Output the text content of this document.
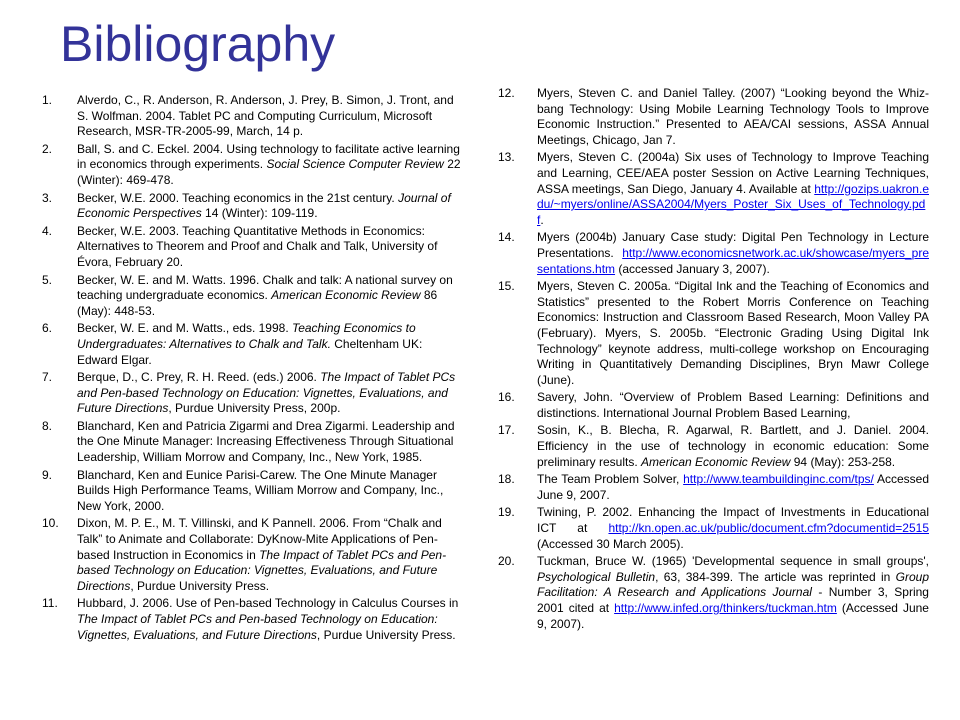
Bibliography
1. Alverdo, C., R. Anderson, R. Anderson, J. Prey, B. Simon, J. Tront, and S. Wolfman. 2004. Tablet PC and Computing Curriculum, Microsoft Research, MSR-TR-2005-99, March, 14 p.
2. Ball, S. and C. Eckel. 2004. Using technology to facilitate active learning in economics through experiments. Social Science Computer Review 22 (Winter): 469-478.
3. Becker, W.E. 2000. Teaching economics in the 21st century. Journal of Economic Perspectives 14 (Winter): 109-119.
4. Becker, W.E. 2003. Teaching Quantitative Methods in Economics: Alternatives to Theorem and Proof and Chalk and Talk, University of Évora, February 20.
5. Becker, W. E. and M. Watts. 1996. Chalk and talk: A national survey on teaching undergraduate economics. American Economic Review 86 (May): 448-53.
6. Becker, W. E. and M. Watts., eds. 1998. Teaching Economics to Undergraduates: Alternatives to Chalk and Talk. Cheltenham UK: Edward Elgar.
7. Berque, D., C. Prey, R. H. Reed. (eds.) 2006. The Impact of Tablet PCs and Pen-based Technology on Education: Vignettes, Evaluations, and Future Directions, Purdue University Press, 200p.
8. Blanchard, Ken and Patricia Zigarmi and Drea Zigarmi. Leadership and the One Minute Manager: Increasing Effectiveness Through Situational Leadership, William Morrow and Company, Inc., New York, 1985.
9. Blanchard, Ken and Eunice Parisi-Carew. The One Minute Manager Builds High Performance Teams, William Morrow and Company, Inc., New York, 2000.
10. Dixon, M. P. E., M. T. Villinski, and K Pannell. 2006. From “Chalk and Talk” to Animate and Collaborate: DyKnow-Mite Applications of Pen-based Instruction in Economics in The Impact of Tablet PCs and Pen-based Technology on Education: Vignettes, Evaluations, and Future Directions, Purdue University Press.
11. Hubbard, J. 2006. Use of Pen-based Technology in Calculus Courses in The Impact of Tablet PCs and Pen-based Technology on Education: Vignettes, Evaluations, and Future Directions, Purdue University Press.
12. Myers, Steven C. and Daniel Talley. (2007) “Looking beyond the Whiz-bang Technology: Using Mobile Learning Technology Tools to Improve Economic Instruction.” Presented to AEA/CAI sessions, ASSA Annual Meetings, Chicago, Jan 7.
13. Myers, Steven C. (2004a) Six uses of Technology to Improve Teaching and Learning, CEE/AEA poster Session on Active Learning Techniques, ASSA meetings, San Diego, January 4. Available at http://gozips.uakron.edu/~myers/online/ASSA2004/Myers_Poster_Six_Uses_of_Technology.pdf.
14. Myers (2004b) January Case study: Digital Pen Technology in Lecture Presentations. http://www.economicsnetwork.ac.uk/showcase/myers_presentations.htm (accessed January 3, 2007).
15. Myers, Steven C. 2005a. “Digital Ink and the Teaching of Economics and Statistics” presented to the Robert Morris Conference on Teaching Economics: Instruction and Classroom Based Research, Moon Valley PA (February). Myers, S. 2005b. “Electronic Grading Using Digital Ink Technology” keynote address, multi-college workshop on Encouraging Writing in Quantitatively Demanding Disciplines, Bryn Mawr College (June).
16. Savery, John. “Overview of Problem Based Learning: Definitions and distinctions. International Journal Problem Based Learning,
17. Sosin, K., B. Blecha, R. Agarwal, R. Bartlett, and J. Daniel. 2004. Efficiency in the use of technology in economic education: Some preliminary results. American Economic Review 94 (May): 253-258.
18. The Team Problem Solver, http://www.teambuildinginc.com/tps/ Accessed June 9, 2007.
19. Twining, P. 2002. Enhancing the Impact of Investments in Educational ICT at http://kn.open.ac.uk/public/document.cfm?documentid=2515 (Accessed 30 March 2005).
20. Tuckman, Bruce W. (1965) 'Developmental sequence in small groups', Psychological Bulletin, 63, 384-399. The article was reprinted in Group Facilitation: A Research and Applications Journal - Number 3, Spring 2001 cited at http://www.infed.org/thinkers/tuckman.htm (Accessed June 9, 2007).
